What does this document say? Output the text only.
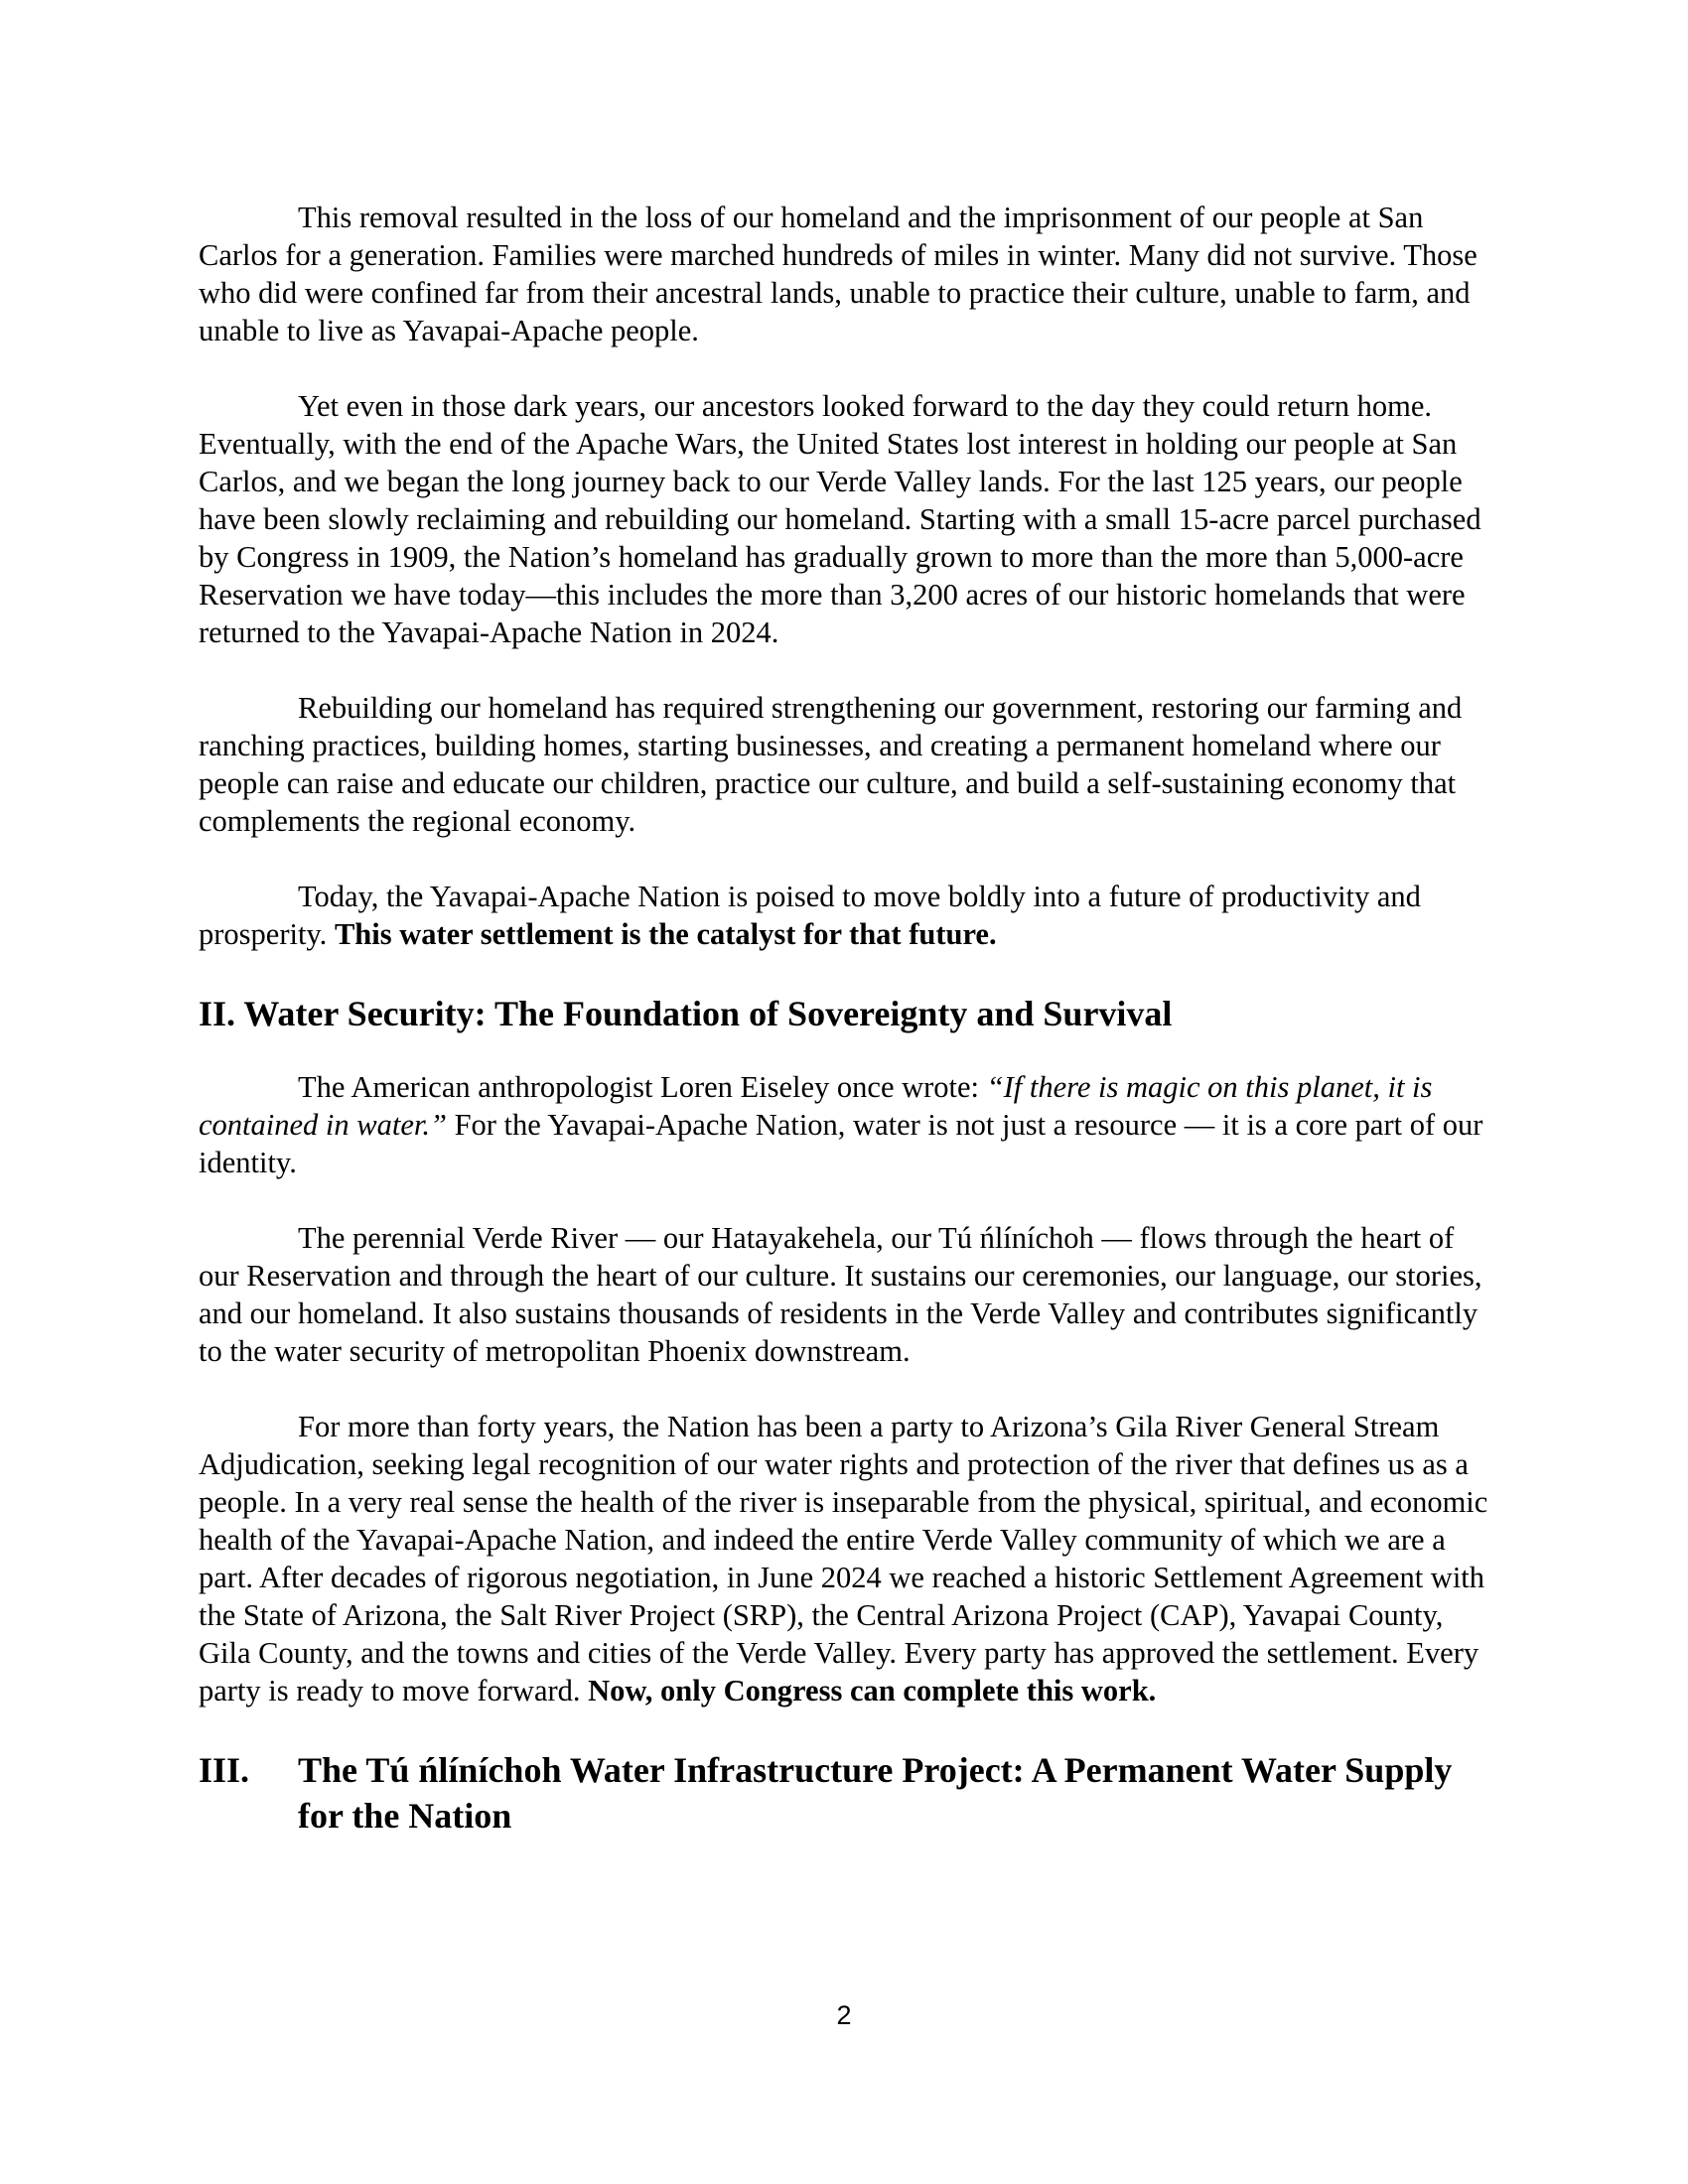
This removal resulted in the loss of our homeland and the imprisonment of our people at San Carlos for a generation. Families were marched hundreds of miles in winter. Many did not survive. Those who did were confined far from their ancestral lands, unable to practice their culture, unable to farm, and unable to live as Yavapai-Apache people.

Yet even in those dark years, our ancestors looked forward to the day they could return home. Eventually, with the end of the Apache Wars, the United States lost interest in holding our people at San Carlos, and we began the long journey back to our Verde Valley lands. For the last 125 years, our people have been slowly reclaiming and rebuilding our homeland. Starting with a small 15-acre parcel purchased by Congress in 1909, the Nation’s homeland has gradually grown to more than the more than 5,000-acre Reservation we have today—this includes the more than 3,200 acres of our historic homelands that were returned to the Yavapai-Apache Nation in 2024.

Rebuilding our homeland has required strengthening our government, restoring our farming and ranching practices, building homes, starting businesses, and creating a permanent homeland where our people can raise and educate our children, practice our culture, and build a self-sustaining economy that complements the regional economy.

Today, the Yavapai-Apache Nation is poised to move boldly into a future of productivity and prosperity. This water settlement is the catalyst for that future.

II. Water Security: The Foundation of Sovereignty and Survival

The American anthropologist Loren Eiseley once wrote: “If there is magic on this planet, it is contained in water.” For the Yavapai-Apache Nation, water is not just a resource — it is a core part of our identity.

The perennial Verde River — our Hatayakehela, our Tú ńlíníchoh — flows through the heart of our Reservation and through the heart of our culture. It sustains our ceremonies, our language, our stories, and our homeland. It also sustains thousands of residents in the Verde Valley and contributes significantly to the water security of metropolitan Phoenix downstream.

For more than forty years, the Nation has been a party to Arizona’s Gila River General Stream Adjudication, seeking legal recognition of our water rights and protection of the river that defines us as a people. In a very real sense the health of the river is inseparable from the physical, spiritual, and economic health of the Yavapai-Apache Nation, and indeed the entire Verde Valley community of which we are a part. After decades of rigorous negotiation, in June 2024 we reached a historic Settlement Agreement with the State of Arizona, the Salt River Project (SRP), the Central Arizona Project (CAP), Yavapai County, Gila County, and the towns and cities of the Verde Valley. Every party has approved the settlement. Every party is ready to move forward. Now, only Congress can complete this work.

III. The Tú ńlíníchoh Water Infrastructure Project: A Permanent Water Supply for the Nation
2
